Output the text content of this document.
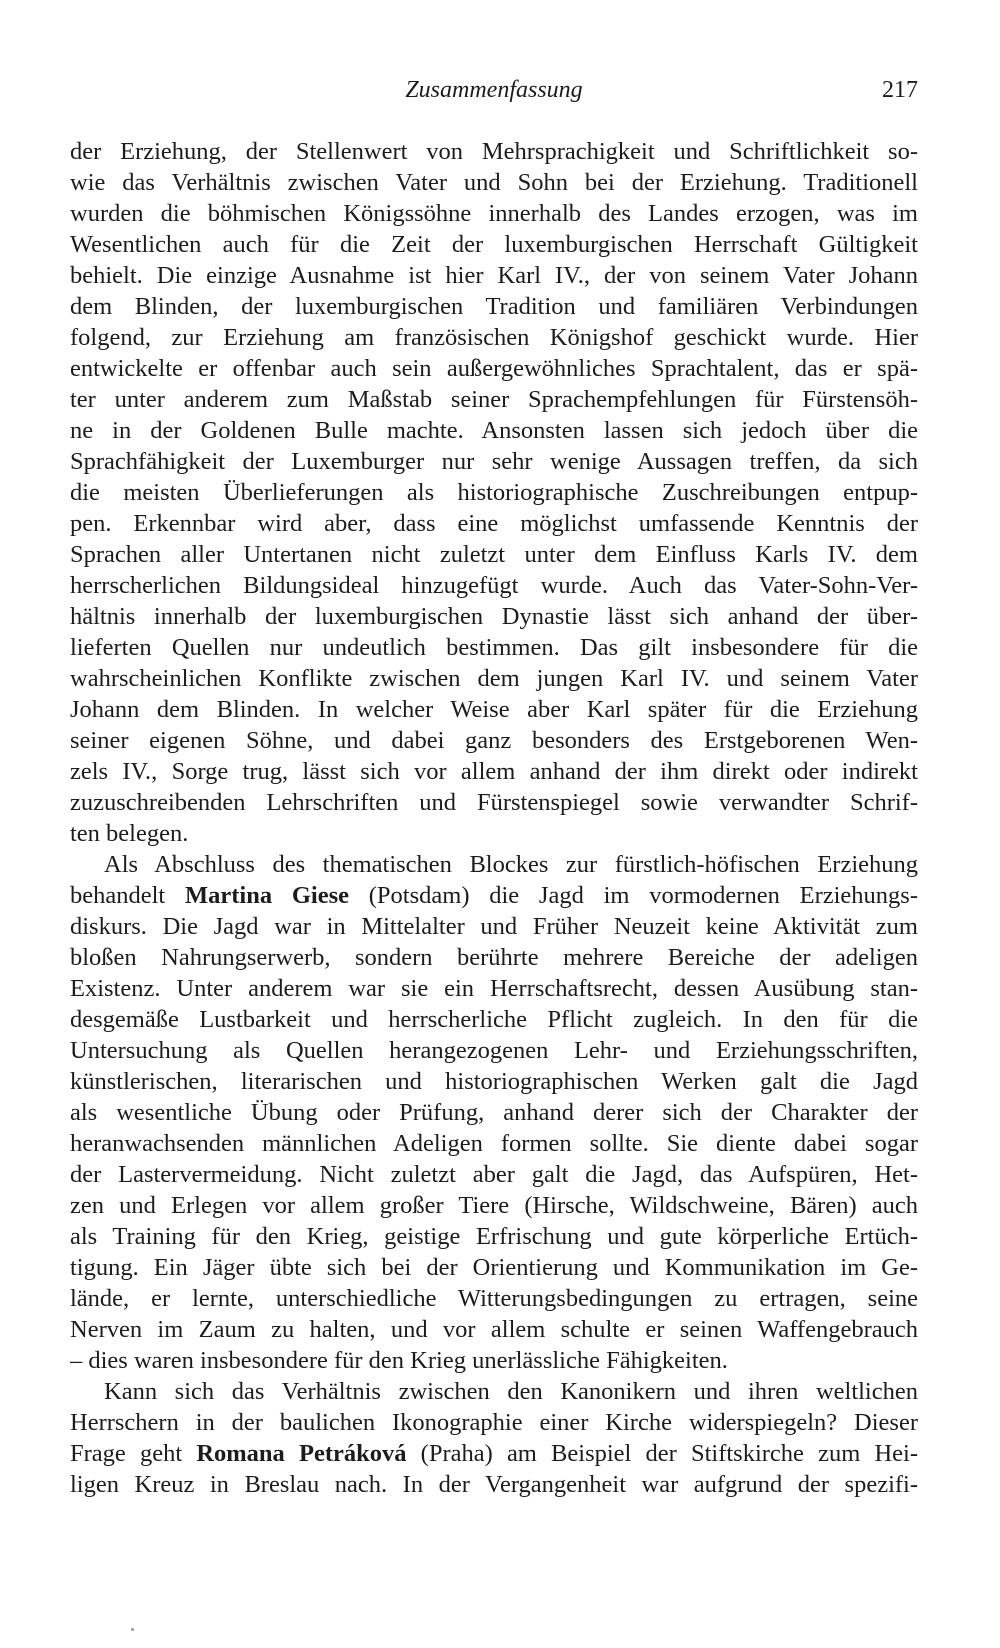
Zusammenfassung	217
der Erziehung, der Stellenwert von Mehrsprachigkeit und Schriftlichkeit so-
wie das Verhältnis zwischen Vater und Sohn bei der Erziehung. Traditionell
wurden die böhmischen Königssöhne innerhalb des Landes erzogen, was im
Wesentlichen auch für die Zeit der luxemburgischen Herrschaft Gültigkeit
behielt. Die einzige Ausnahme ist hier Karl IV., der von seinem Vater Johann
dem Blinden, der luxemburgischen Tradition und familiären Verbindungen
folgend, zur Erziehung am französischen Königshof geschickt wurde. Hier
entwickelte er offenbar auch sein außergewöhnliches Sprachtalent, das er spä-
ter unter anderem zum Maßstab seiner Sprachempfehlungen für Fürstensöh-
ne in der Goldenen Bulle machte. Ansonsten lassen sich jedoch über die
Sprachfähigkeit der Luxemburger nur sehr wenige Aussagen treffen, da sich
die meisten Überlieferungen als historiographische Zuschreibungen entpup-
pen. Erkennbar wird aber, dass eine möglichst umfassende Kenntnis der
Sprachen aller Untertanen nicht zuletzt unter dem Einfluss Karls IV. dem
herrscherlichen Bildungsideal hinzugefügt wurde. Auch das Vater-Sohn-Ver-
hältnis innerhalb der luxemburgischen Dynastie lässt sich anhand der über-
lieferten Quellen nur undeutlich bestimmen. Das gilt insbesondere für die
wahrscheinlichen Konflikte zwischen dem jungen Karl IV. und seinem Vater
Johann dem Blinden. In welcher Weise aber Karl später für die Erziehung
seiner eigenen Söhne, und dabei ganz besonders des Erstgeborenen Wen-
zels IV., Sorge trug, lässt sich vor allem anhand der ihm direkt oder indirekt
zuzuschreibenden Lehrschriften und Fürstenspiegel sowie verwandter Schrif-
ten belegen.
Als Abschluss des thematischen Blockes zur fürstlich-höfischen Erziehung
behandelt Martina Giese (Potsdam) die Jagd im vormodernen Erziehungs-
diskurs. Die Jagd war in Mittelalter und Früher Neuzeit keine Aktivität zum
bloßen Nahrungserwerb, sondern berührte mehrere Bereiche der adeligen
Existenz. Unter anderem war sie ein Herrschaftsrecht, dessen Ausübung stan-
desgemäße Lustbarkeit und herrscherliche Pflicht zugleich. In den für die
Untersuchung als Quellen herangezogenen Lehr- und Erziehungsschriften,
künstlerischen, literarischen und historiographischen Werken galt die Jagd
als wesentliche Übung oder Prüfung, anhand derer sich der Charakter der
heranwachsenden männlichen Adeligen formen sollte. Sie diente dabei sogar
der Lastervermeidung. Nicht zuletzt aber galt die Jagd, das Aufspüren, Het-
zen und Erlegen vor allem großer Tiere (Hirsche, Wildschweine, Bären) auch
als Training für den Krieg, geistige Erfrischung und gute körperliche Ertüch-
tigung. Ein Jäger übte sich bei der Orientierung und Kommunikation im Ge-
lände, er lernte, unterschiedliche Witterungsbedingungen zu ertragen, seine
Nerven im Zaum zu halten, und vor allem schulte er seinen Waffengebrauch
– dies waren insbesondere für den Krieg unerlässliche Fähigkeiten.
Kann sich das Verhältnis zwischen den Kanonikern und ihren weltlichen
Herrschern in der baulichen Ikonographie einer Kirche widerspiegeln? Dieser
Frage geht Romana Petráková (Praha) am Beispiel der Stiftskirche zum Hei-
ligen Kreuz in Breslau nach. In der Vergangenheit war aufgrund der spezifi-
